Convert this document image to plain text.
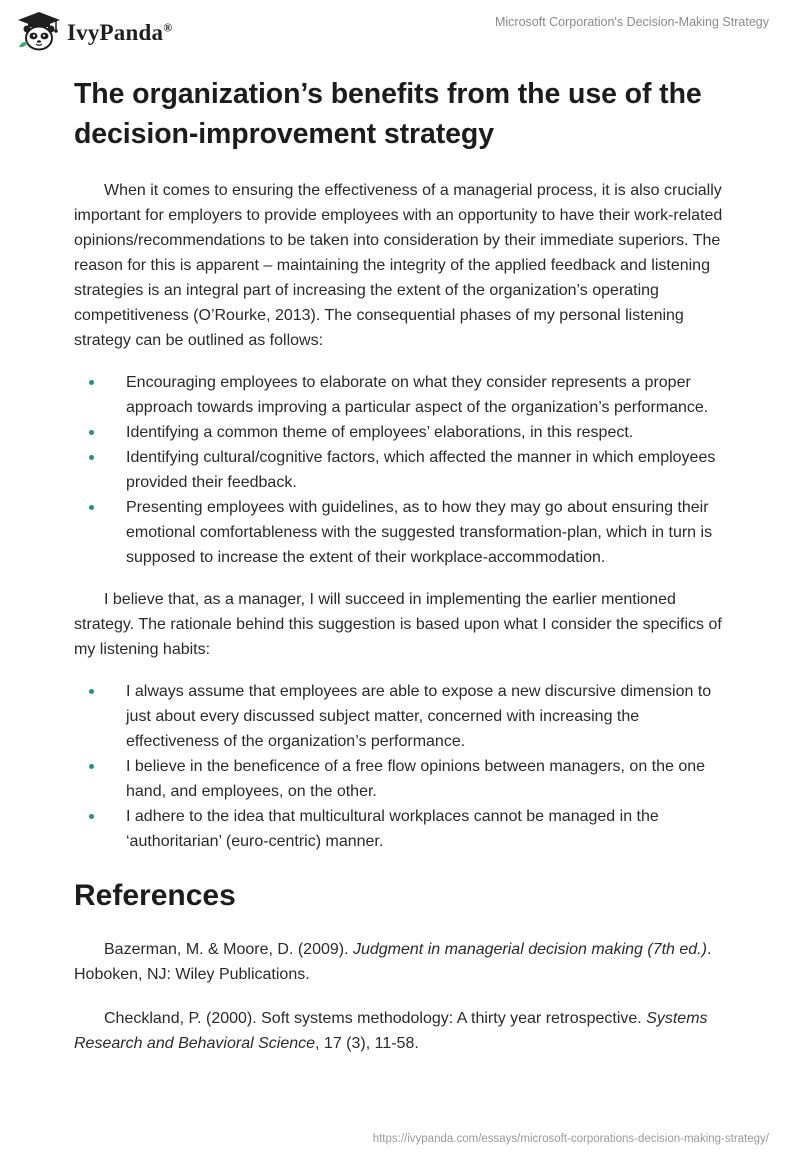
IvyPanda®	Microsoft Corporation's Decision-Making Strategy
The organization’s benefits from the use of the decision-improvement strategy

When it comes to ensuring the effectiveness of a managerial process, it is also crucially important for employers to provide employees with an opportunity to have their work-related opinions/recommendations to be taken into consideration by their immediate superiors. The reason for this is apparent – maintaining the integrity of the applied feedback and listening strategies is an integral part of increasing the extent of the organization’s operating competitiveness (O’Rourke, 2013). The consequential phases of my personal listening strategy can be outlined as follows:

Encouraging employees to elaborate on what they consider represents a proper approach towards improving a particular aspect of the organization’s performance.
Identifying a common theme of employees’ elaborations, in this respect.
Identifying cultural/cognitive factors, which affected the manner in which employees provided their feedback.
Presenting employees with guidelines, as to how they may go about ensuring their emotional comfortableness with the suggested transformation-plan, which in turn is supposed to increase the extent of their workplace-accommodation.

I believe that, as a manager, I will succeed in implementing the earlier mentioned strategy. The rationale behind this suggestion is based upon what I consider the specifics of my listening habits:

I always assume that employees are able to expose a new discursive dimension to just about every discussed subject matter, concerned with increasing the effectiveness of the organization’s performance.
I believe in the beneficence of a free flow opinions between managers, on the one hand, and employees, on the other.
I adhere to the idea that multicultural workplaces cannot be managed in the ‘authoritarian’ (euro-centric) manner.
References

Bazerman, M. & Moore, D. (2009). Judgment in managerial decision making (7th ed.). Hoboken, NJ: Wiley Publications.

Checkland, P. (2000). Soft systems methodology: A thirty year retrospective. Systems Research and Behavioral Science, 17 (3), 11-58.

https://ivypanda.com/essays/microsoft-corporations-decision-making-strategy/
